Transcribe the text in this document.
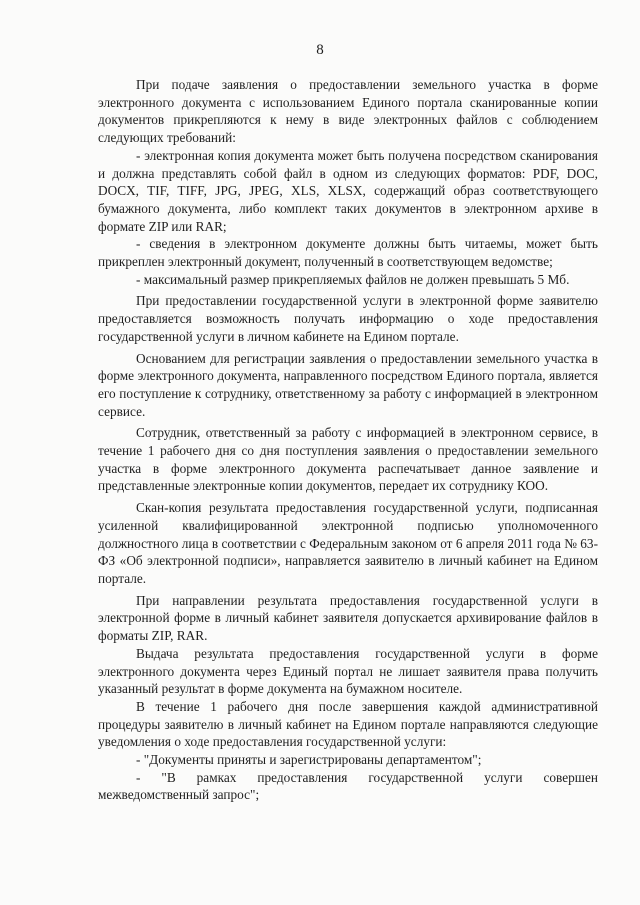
8

При подаче заявления о предоставлении земельного участка в форме электронного документа с использованием Единого портала сканированные копии документов прикрепляются к нему в виде электронных файлов с соблюдением следующих требований:

- электронная копия документа может быть получена посредством сканирования и должна представлять собой файл в одном из следующих форматов: PDF, DOC, DOCX, TIF, TIFF, JPG, JPEG, XLS, XLSX, содержащий образ соответствующего бумажного документа, либо комплект таких документов в электронном архиве в формате ZIP или RAR;

- сведения в электронном документе должны быть читаемы, может быть прикреплен электронный документ, полученный в соответствующем ведомстве;

- максимальный размер прикрепляемых файлов не должен превышать 5 Мб.

При предоставлении государственной услуги в электронной форме заявителю предоставляется возможность получать информацию о ходе предоставления государственной услуги в личном кабинете на Едином портале.

Основанием для регистрации заявления о предоставлении земельного участка в форме электронного документа, направленного посредством Единого портала, является его поступление к сотруднику, ответственному за работу с информацией в электронном сервисе.

Сотрудник, ответственный за работу с информацией в электронном сервисе, в течение 1 рабочего дня со дня поступления заявления о предоставлении земельного участка в форме электронного документа распечатывает данное заявление и представленные электронные копии документов, передает их сотруднику КОО.

Скан-копия результата предоставления государственной услуги, подписанная усиленной квалифицированной электронной подписью уполномоченного должностного лица в соответствии с Федеральным законом от 6 апреля 2011 года № 63-ФЗ «Об электронной подписи», направляется заявителю в личный кабинет на Едином портале.

При направлении результата предоставления государственной услуги в электронной форме в личный кабинет заявителя допускается архивирование файлов в форматы ZIP, RAR.

Выдача результата предоставления государственной услуги в форме электронного документа через Единый портал не лишает заявителя права получить указанный результат в форме документа на бумажном носителе.

В течение 1 рабочего дня после завершения каждой административной процедуры заявителю в личный кабинет на Едином портале направляются следующие уведомления о ходе предоставления государственной услуги:

- "Документы приняты и зарегистрированы департаментом";

- "В рамках предоставления государственной услуги совершен межведомственный запрос";
